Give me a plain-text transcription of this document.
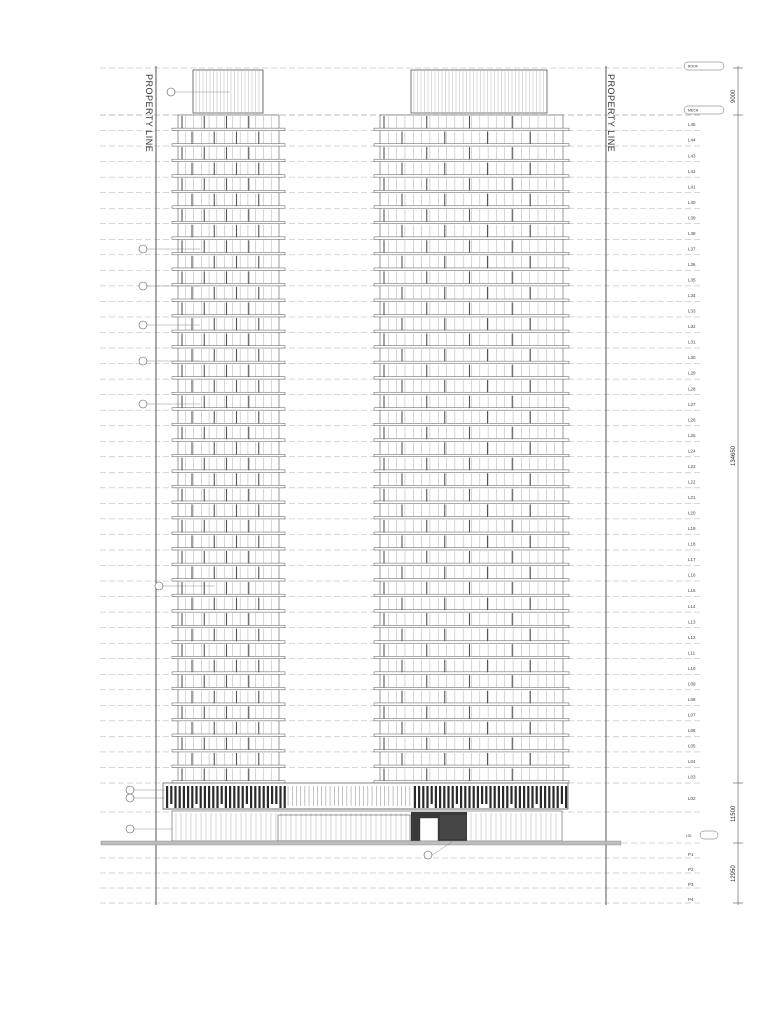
PROPERTY LINE	PROPERTY LINE	L45
L44
L43
L42
L41
L40
L39
L38
L37
L36
L35
L34
L33
L32
L31
L30
L29
L28
L27
L26
L25
L24
L23
L22
L21
L20
L19
L18
L17
L16
L15
L14
L13
L12
L11
L10
L09
L08
L07
L06
L05
L04
L03
L02
P1
P2
P3
P4
9000
134650
11500
12950
ROOF
MECH
L01
